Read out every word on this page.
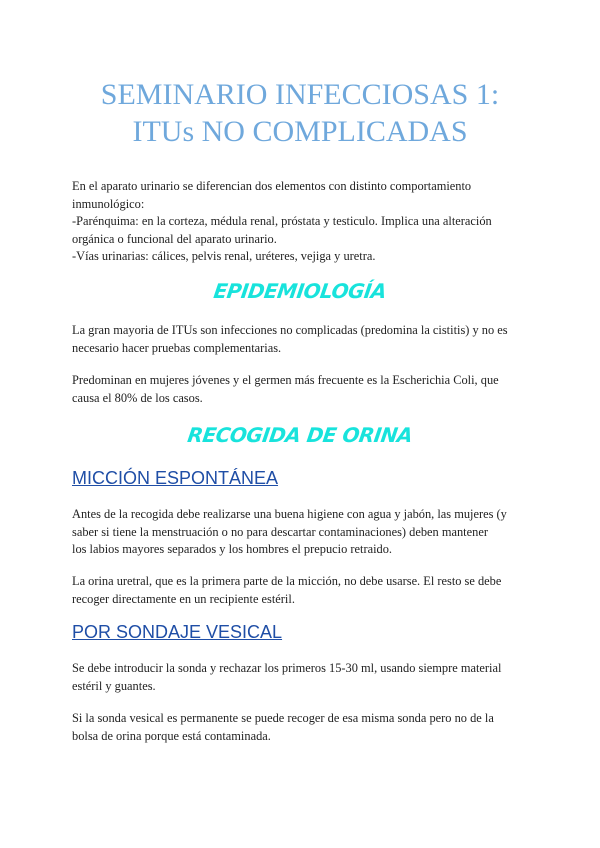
SEMINARIO INFECCIOSAS 1:
ITUs NO COMPLICADAS

En el aparato urinario se diferencian dos elementos con distinto comportamiento
inmunológico:
-Parénquima: en la corteza, médula renal, próstata y testiculo. Implica una alteración
orgánica o funcional del aparato urinario.
-Vías urinarias: cálices, pelvis renal, uréteres, vejiga y uretra.

EPIDEMIOLOGÍA

La gran mayoria de ITUs son infecciones no complicadas (predomina la cistitis) y no es
necesario hacer pruebas complementarias.

Predominan en mujeres jóvenes y el germen más frecuente es la Escherichia Coli, que
causa el 80% de los casos.

RECOGIDA DE ORINA
MICCIÓN ESPONTÁNEA

Antes de la recogida debe realizarse una buena higiene con agua y jabón, las mujeres (y
saber si tiene la menstruación o no para descartar contaminaciones) deben mantener
los labios mayores separados y los hombres el prepucio retraido.

La orina uretral, que es la primera parte de la micción, no debe usarse. El resto se debe
recoger directamente en un recipiente estéril.

POR SONDAJE VESICAL

Se debe introducir la sonda y rechazar los primeros 15-30 ml, usando siempre material
estéril y guantes.

Si la sonda vesical es permanente se puede recoger de esa misma sonda pero no de la
bolsa de orina porque está contaminada.
